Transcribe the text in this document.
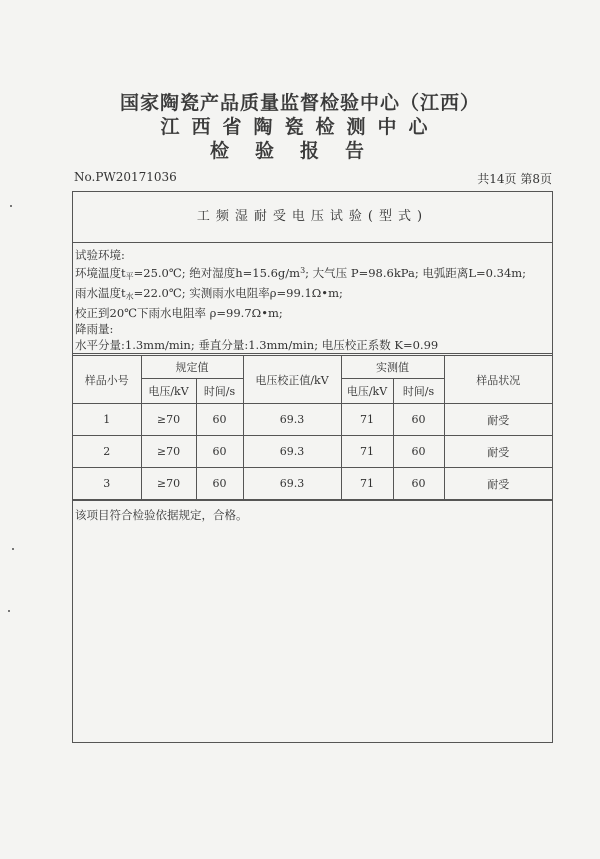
国家陶瓷产品质量监督检验中心（江西）
江西省陶瓷检测中心
检验报告
No.PW20171036	共14页 第8页
工频湿耐受电压试验(型式)
试验环境:
环境温度$t_平=25.0℃$; 绝对湿度$h=15.6g/m^3$; 大气压 P=98.6kPa; 电弧距离L=0.34m;
雨水温度$t_水=22.0℃$; 实测雨水电阻率ρ=99.1Ω•m;
校正到20℃下雨水电阻率 ρ=99.7Ω•m;
降雨量:
水平分量:1.3mm/min; 垂直分量:1.3mm/min; 电压校正系数 K=0.99
样品小号	规定值		电压校正值/kV	实测值		样品状况
	电压/kV	时间/s		电压/kV	时间/s	
1	≥70	60	69.3	71	60	耐受
2	≥70	60	69.3	71	60	耐受
3	≥70	60	69.3	71	60	耐受
该项目符合检验依据规定，合格。
